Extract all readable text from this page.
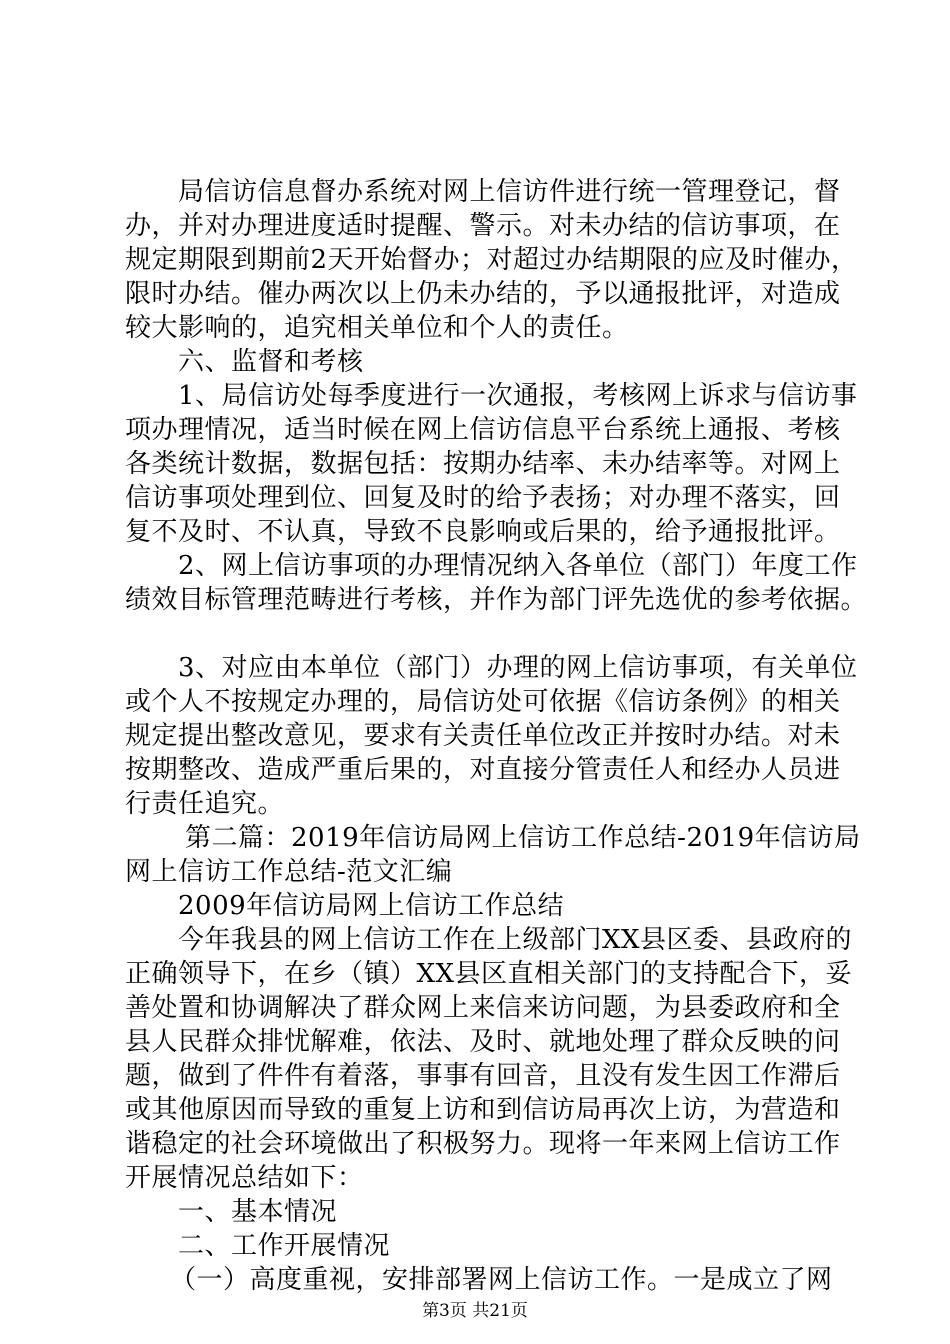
局信访信息督办系统对网上信访件进行统一管理登记，督
办，并对办理进度适时提醒、警示。对未办结的信访事项，在
规定期限到期前2天开始督办；对超过办结期限的应及时催办，
限时办结。催办两次以上仍未办结的，予以通报批评，对造成
较大影响的，追究相关单位和个人的责任。
六、监督和考核
1、局信访处每季度进行一次通报，考核网上诉求与信访事
项办理情况，适当时候在网上信访信息平台系统上通报、考核
各类统计数据，数据包括：按期办结率、未办结率等。对网上
信访事项处理到位、回复及时的给予表扬；对办理不落实，回
复不及时、不认真，导致不良影响或后果的，给予通报批评。
2、网上信访事项的办理情况纳入各单位（部门）年度工作
绩效目标管理范畴进行考核，并作为部门评先选优的参考依据。
3、对应由本单位（部门）办理的网上信访事项，有关单位
或个人不按规定办理的，局信访处可依据《信访条例》的相关
规定提出整改意见，要求有关责任单位改正并按时办结。对未
按期整改、造成严重后果的，对直接分管责任人和经办人员进
行责任追究。
第二篇：2019年信访局网上信访工作总结-2019年信访局
网上信访工作总结-范文汇编
2009年信访局网上信访工作总结
今年我县的网上信访工作在上级部门XX县区委、县政府的
正确领导下，在乡（镇）XX县区直相关部门的支持配合下，妥
善处置和协调解决了群众网上来信来访问题，为县委政府和全
县人民群众排忧解难，依法、及时、就地处理了群众反映的问
题，做到了件件有着落，事事有回音，且没有发生因工作滞后
或其他原因而导致的重复上访和到信访局再次上访，为营造和
谐稳定的社会环境做出了积极努力。现将一年来网上信访工作
开展情况总结如下：
一、基本情况
二、工作开展情况
（一）高度重视，安排部署网上信访工作。一是成立了网
第3页 共21页
